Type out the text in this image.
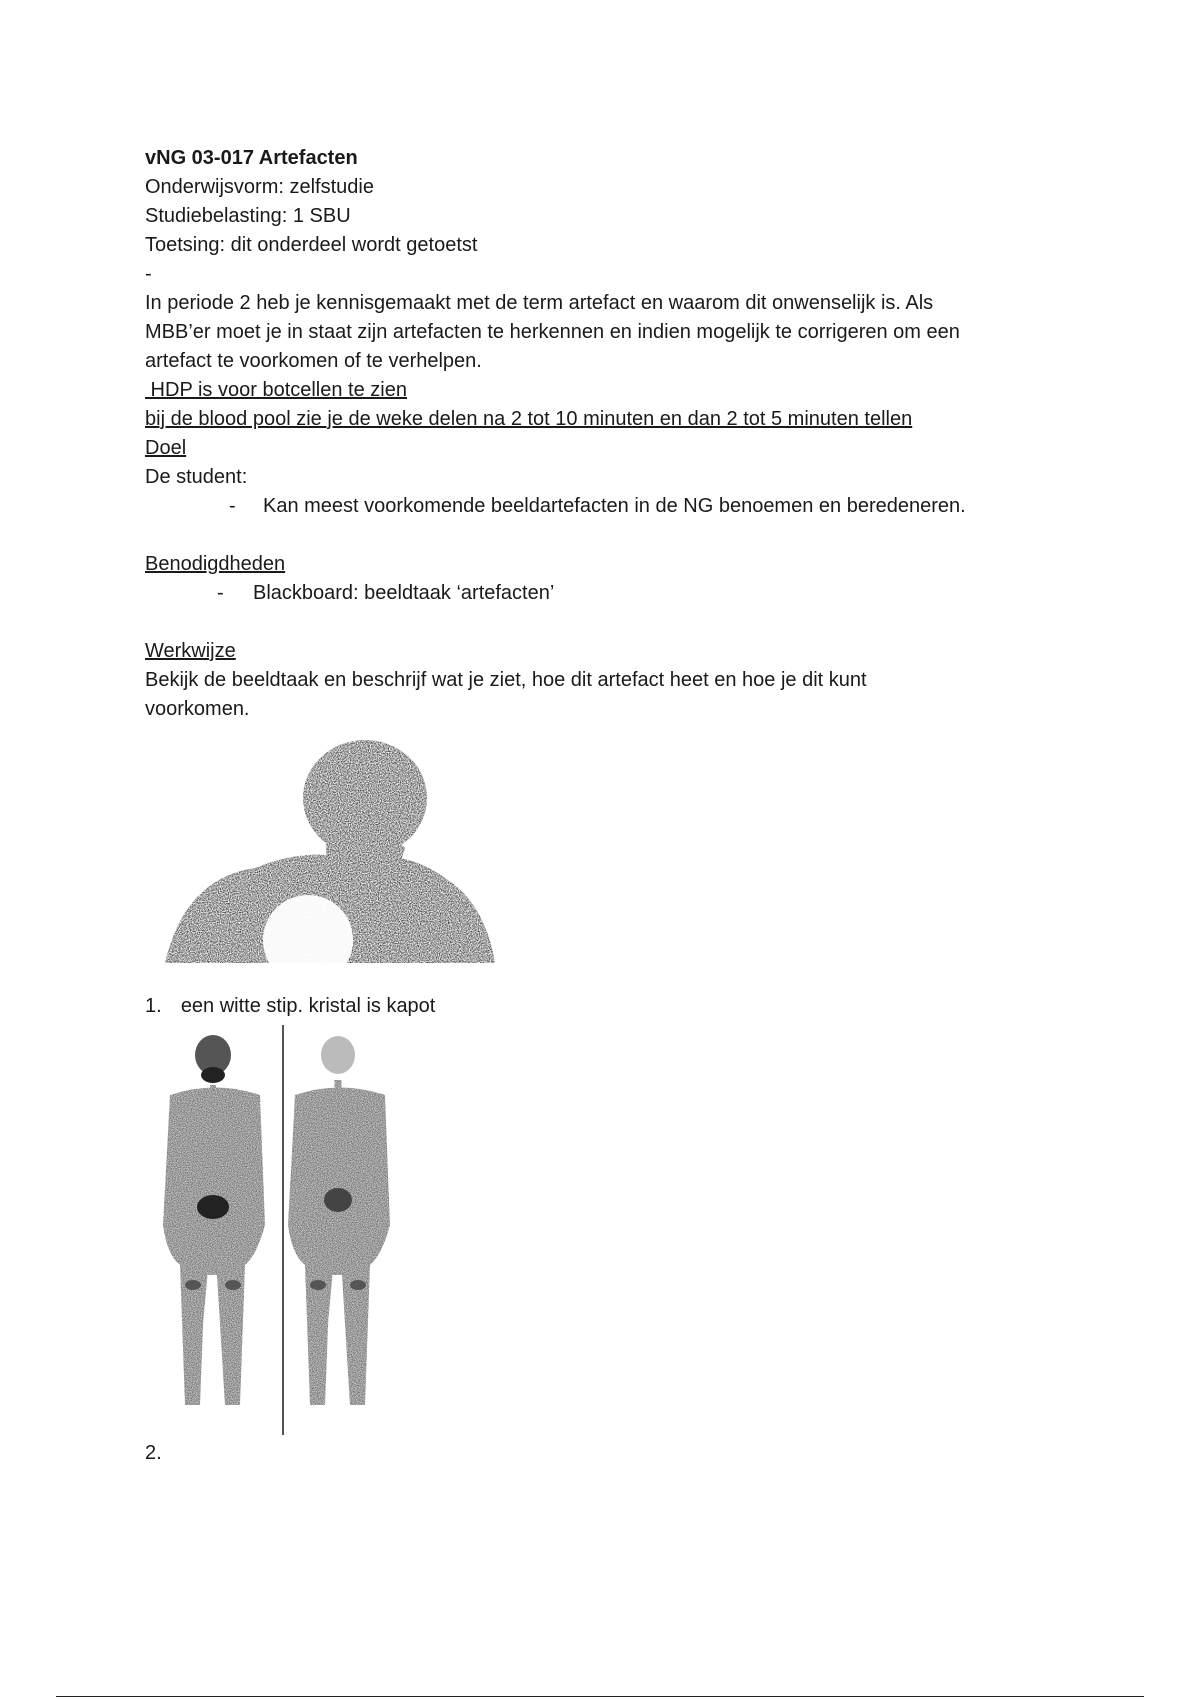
vNG 03-017 Artefacten
Onderwijsvorm: zelfstudie
Studiebelasting: 1 SBU
Toetsing: dit onderdeel wordt getoetst
-
In periode 2 heb je kennisgemaakt met de term artefact en waarom dit onwenselijk is. Als
MBB’er moet je in staat zijn artefacten te herkennen en indien mogelijk te corrigeren om een
artefact te voorkomen of te verhelpen.
HDP is voor botcellen te zien
bij de blood pool zie je de weke delen na 2 tot 10 minuten en dan 2 tot 5 minuten tellen
Doel
De student:
-	Kan meest voorkomende beeldartefacten in de NG benoemen en beredeneren.
Benodigdheden
-	Blackboard: beeldtaak ‘artefacten’
Werkwijze
Bekijk de beeldtaak en beschrijf wat je ziet, hoe dit artefact heet en hoe je dit kunt
voorkomen.
1. een witte stip. kristal is kapot
2.
